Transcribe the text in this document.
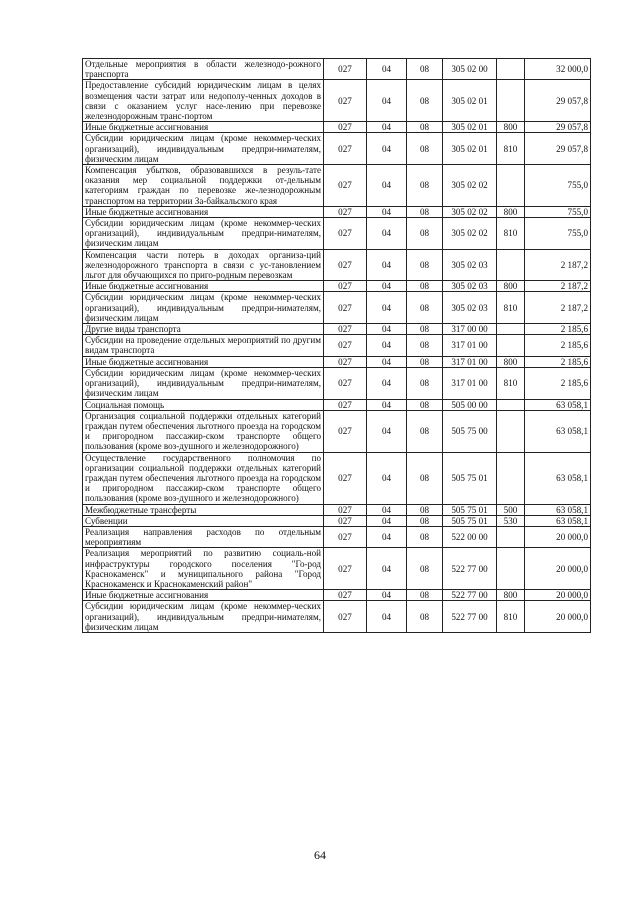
Отдельные мероприятия в области железнодо-рожного транспорта	027	04	08	305 02 00		32 000,0
Предоставление субсидий юридическим лицам в целях возмещения части затрат или недополу-ченных доходов в связи с оказанием услуг насе-лению при перевозке железнодорожным транс-портом	027	04	08	305 02 01		29 057,8
Иные бюджетные ассигнования	027	04	08	305 02 01	800	29 057,8
Субсидии юридическим лицам (кроме некоммер-ческих организаций), индивидуальным предпри-нимателям, физическим лицам	027	04	08	305 02 01	810	29 057,8
Компенсация убытков, образовавшихся в резуль-тате оказания мер социальной поддержки от-дельным категориям граждан по перевозке же-лезнодорожным транспортом на территории За-байкальского края	027	04	08	305 02 02		755,0
Иные бюджетные ассигнования	027	04	08	305 02 02	800	755,0
Субсидии юридическим лицам (кроме некоммер-ческих организаций), индивидуальным предпри-нимателям, физическим лицам	027	04	08	305 02 02	810	755,0
Компенсация части потерь в доходах организа-ций железнодорожного транспорта в связи с ус-тановлением льгот для обучающихся по приго-родным перевозкам	027	04	08	305 02 03		2 187,2
Иные бюджетные ассигнования	027	04	08	305 02 03	800	2 187,2
Субсидии юридическим лицам (кроме некоммер-ческих организаций), индивидуальным предпри-нимателям, физическим лицам	027	04	08	305 02 03	810	2 187,2
Другие виды транспорта	027	04	08	317 00 00		2 185,6
Субсидии на проведение отдельных мероприятий по другим видам транспорта	027	04	08	317 01 00		2 185,6
Иные бюджетные ассигнования	027	04	08	317 01 00	800	2 185,6
Субсидии юридическим лицам (кроме некоммер-ческих организаций), индивидуальным предпри-нимателям, физическим лицам	027	04	08	317 01 00	810	2 185,6
Социальная помощь	027	04	08	505 00 00		63 058,1
Организация социальной поддержки отдельных категорий граждан путем обеспечения льготного проезда на городском и пригородном пассажир-ском транспорте общего пользования (кроме воз-душного и железнодорожного)	027	04	08	505 75 00		63 058,1
Осуществление государственного полномочия по организации социальной поддержки отдельных категорий граждан путем обеспечения льготного проезда на городском и пригородном пассажир-ском транспорте общего пользования (кроме воз-душного и железнодорожного)	027	04	08	505 75 01		63 058,1
Межбюджетные трансферты	027	04	08	505 75 01	500	63 058,1
Субвенции	027	04	08	505 75 01	530	63 058,1
Реализация направления расходов по отдельным мероприятиям	027	04	08	522 00 00		20 000,0
Реализация мероприятий по развитию социаль-ной инфраструктуры городского поселения "Го-род Краснокаменск" и муниципального района "Город Краснокаменск и Краснокаменский район"	027	04	08	522 77 00		20 000,0
Иные бюджетные ассигнования	027	04	08	522 77 00	800	20 000,0
Субсидии юридическим лицам (кроме некоммер-ческих организаций), индивидуальным предпри-нимателям, физическим лицам	027	04	08	522 77 00	810	20 000,0
64
